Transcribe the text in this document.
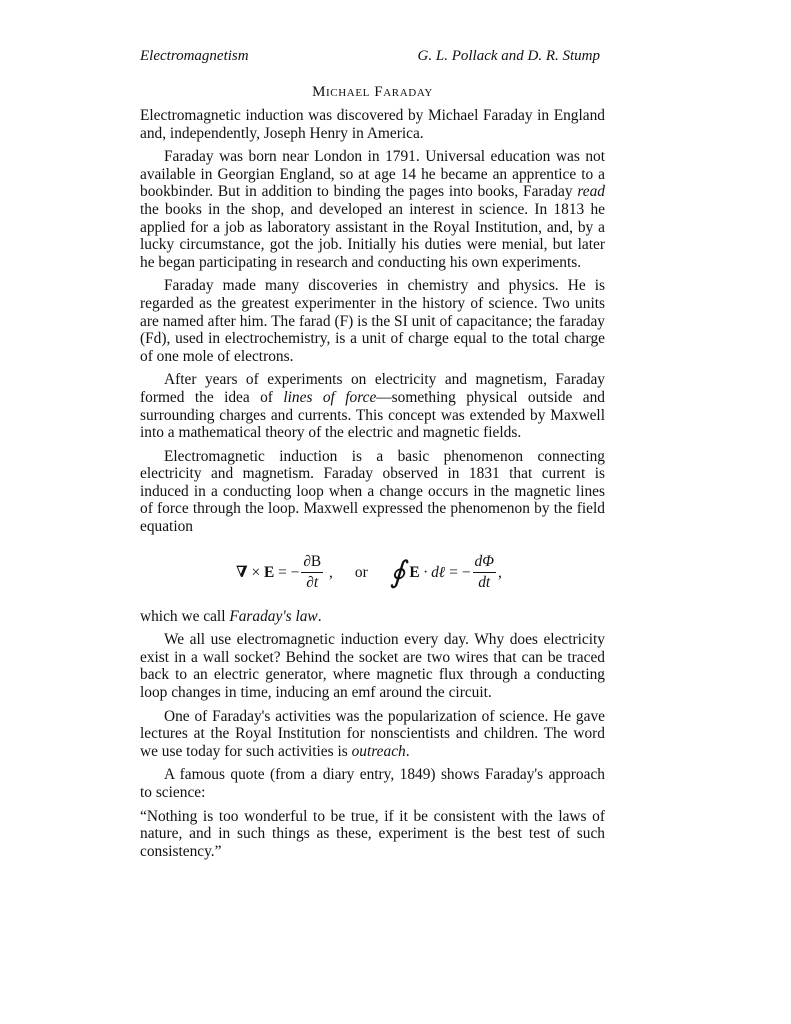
Electromagnetism	G. L. Pollack and D. R. Stump
Michael Faraday

Electromagnetic induction was discovered by Michael Faraday in England and, independently, Joseph Henry in America.

Faraday was born near London in 1791. Universal education was not available in Georgian England, so at age 14 he became an apprentice to a bookbinder. But in addition to binding the pages into books, Faraday read the books in the shop, and developed an interest in science. In 1813 he applied for a job as laboratory assistant in the Royal Institution, and, by a lucky circumstance, got the job. Initially his duties were menial, but later he began participating in research and conducting his own experiments.

Faraday made many discoveries in chemistry and physics. He is regarded as the greatest experimenter in the history of science. Two units are named after him. The farad (F) is the SI unit of capacitance; the faraday (Fd), used in electrochemistry, is a unit of charge equal to the total charge of one mole of electrons.

After years of experiments on electricity and magnetism, Faraday formed the idea of lines of force—something physical outside and surrounding charges and currents. This concept was extended by Maxwell into a mathematical theory of the electric and magnetic fields.

Electromagnetic induction is a basic phenomenon connecting electricity and magnetism. Faraday observed in 1831 that current is induced in a conducting loop when a change occurs in the magnetic lines of force through the loop. Maxwell expressed the phenomenon by the field equation

∇ × E = − $\frac{\partial B}{\partial t}$ , or ∮ E · d ℓ = − $\frac{d\Phi}{dt}$ ,

which we call Faraday's law.

We all use electromagnetic induction every day. Why does electricity exist in a wall socket? Behind the socket are two wires that can be traced back to an electric generator, where magnetic flux through a conducting loop changes in time, inducing an emf around the circuit.

One of Faraday's activities was the popularization of science. He gave lectures at the Royal Institution for nonscientists and children. The word we use today for such activities is outreach.

A famous quote (from a diary entry, 1849) shows Faraday's approach to science:

“Nothing is too wonderful to be true, if it be consistent with the laws of nature, and in such things as these, experiment is the best test of such consistency.”
